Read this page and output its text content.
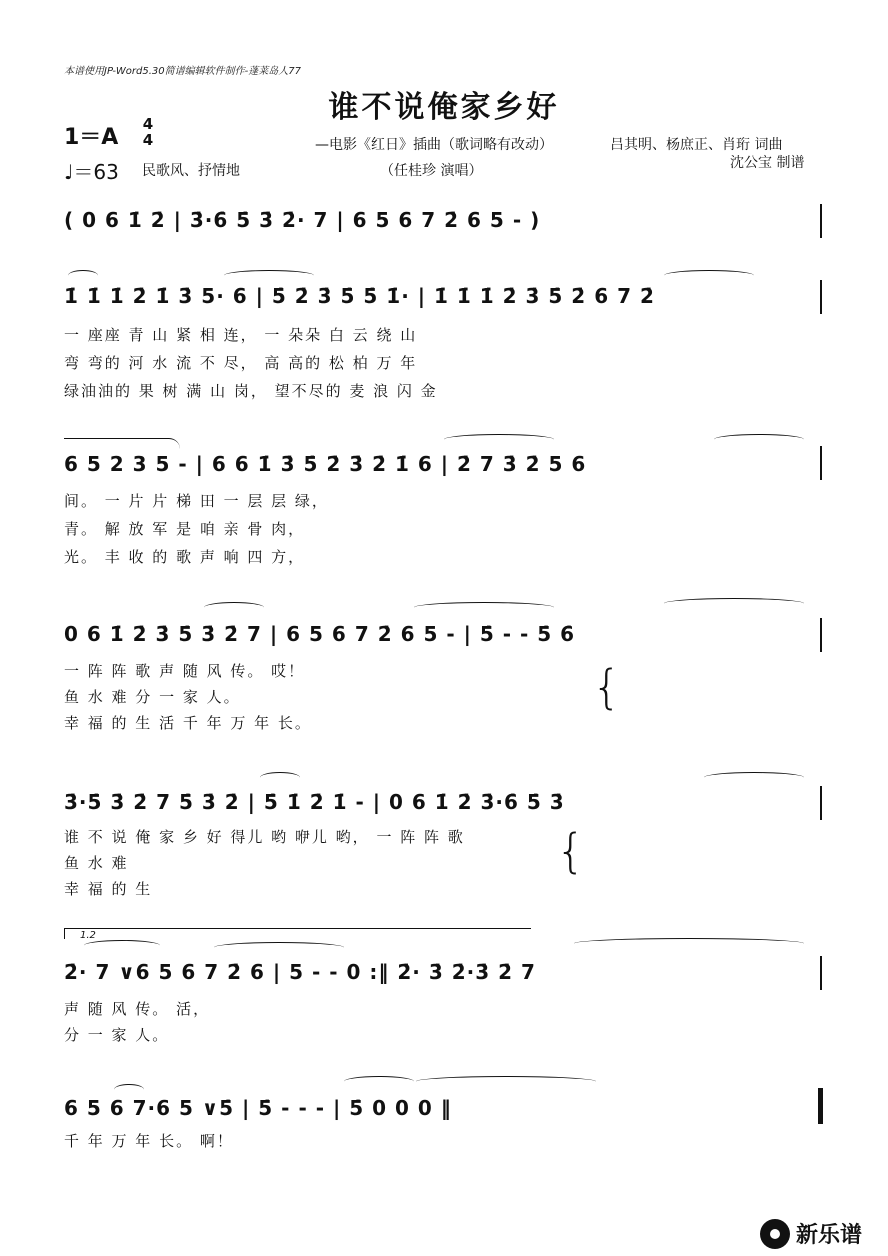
本谱使用JP-Word5.30简谱编辑软件制作-蓬莱岛人77
谁不说俺家乡好
1＝A
4
4
♩＝63 民歌风、抒情地
—电影《红日》插曲（歌词略有改动）	吕其明、杨庶正、肖珩 词曲
（任桂珍 演唱）	沈公宝 制谱
( 0 6 1̇ 2̇ | 3̇·6̇ 5̇ 3̇ 2̇· 7 | 6 5 6 7 2̇ 6 5 - )
1̇ 1̇ 1̇ 2̇ 1̇ 3̇ 5· 6 | 5̇ 2̇ 3̇ 5̇ 5̇ 1̇· | 1̇ 1̇ 1̇ 2̇ 3̇ 5̇ 2̇ 6 7 2̇
一 座座 青 山 紧 相 连， 一 朵朵 白 云 绕 山
弯 弯的 河 水 流 不 尽， 高 高的 松 柏 万 年
绿油油的 果 树 满 山 岗， 望不尽的 麦 浪 闪 金
6 5 2 3 5 - | 6 6 1̇ 3̇ 5̇ 2̇ 3̇ 2̇ 1̇ 6 | 2̇ 7 3̇ 2̇ 5 6
间。 一 片 片 梯 田 一 层 层 绿，
青。 解 放 军 是 咱 亲 骨 肉，
光。 丰 收 的 歌 声 响 四 方，
0 6 1̇ 2̇ 3̇ 5̇ 3̇ 2̇ 7 | 6 5 6 7 2̇ 6 5 - | 5̇ - - 5̇ 6̇
一 阵 阵 歌 声 随 风 传。 哎！
鱼 水 难 分 一 家 人。
幸 福 的 生 活 千 年 万 年 长。
{
3̇·5̇ 3̇ 2̇ 7 5̇ 3̇ 2̇ | 5̇ 1̇ 2̇ 1̇ - | 0 6 1̇ 2̇ 3̇·6̇ 5̇ 3̇
谁 不 说 俺 家 乡 好 得儿 哟 咿儿 哟， 一 阵 阵 歌
鱼 水 难
幸 福 的 生
{
1.2
2̇· 7 ∨6 5 6 7 2̇ 6 | 5 - - 0 :‖ 2̇· 3̇ 2̇·3̇ 2̇ 7
声 随 风 传。 活，
分 一 家 人。
6 5 6 7·6 5 ∨5̇ | 5̇ - - - | 5̇ 0 0 0 ‖
千 年 万 年 长。 啊！
新乐谱
